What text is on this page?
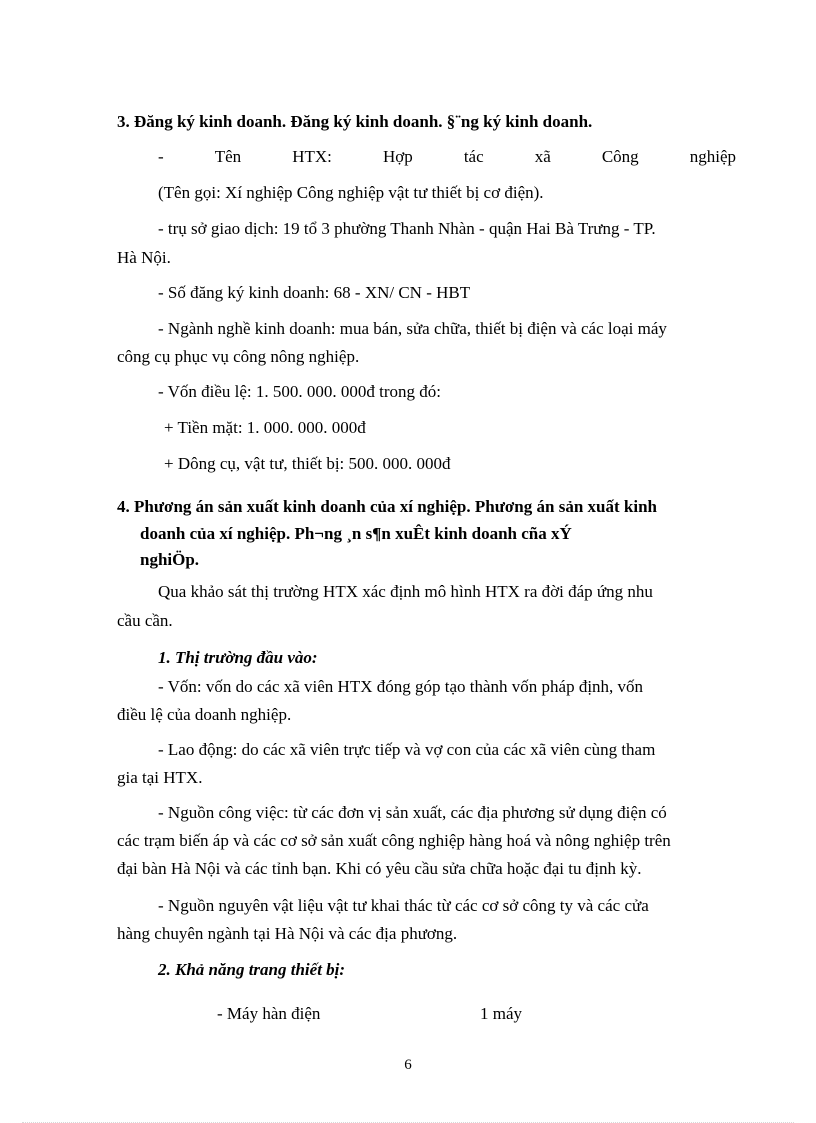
3. Đăng ký kinh doanh. Đăng ký kinh doanh. §¨ng ký kinh doanh.
-	Tên	HTX:	Hợp	tác	xã	Công	nghiệp
(Tên gọi: Xí nghiệp Công nghiệp vật tư thiết bị cơ điện).
- trụ sở giao dịch: 19 tổ 3 phường Thanh Nhàn - quận Hai Bà Trưng - TP.
Hà Nội.
- Số đăng ký kinh doanh: 68 - XN/ CN - HBT
- Ngành nghề kinh doanh: mua bán, sửa chữa, thiết bị điện và các loại máy
công cụ phục vụ công nông nghiệp.
- Vốn điều lệ: 1. 500. 000. 000đ trong đó:
+ Tiền mặt: 1. 000. 000. 000đ
+ Dông cụ, vật tư, thiết bị: 500. 000. 000đ
4. Phương án sản xuất kinh doanh của xí nghiệp. Phương án sản xuất kinh
doanh của xí nghiệp. Ph¬ng ¸n s¶n xuÊt kinh doanh cña xÝ
nghiÖp.
Qua khảo sát thị trường HTX xác định mô hình HTX ra đời đáp ứng nhu
cầu cần.
1. Thị trường đầu vào:
- Vốn: vốn do các xã viên HTX đóng góp tạo thành vốn pháp định, vốn
điều lệ của doanh nghiệp.
- Lao động: do các xã viên trực tiếp và vợ con của các xã viên cùng tham
gia tại HTX.
- Nguồn công việc: từ các đơn vị sản xuất, các địa phương sử dụng điện có
các trạm biến áp và các cơ sở sản xuất công nghiệp hàng hoá và nông nghiệp trên
đại bàn Hà Nội và các tỉnh bạn. Khi có yêu cầu sửa chữa hoặc đại tu định kỳ.
- Nguồn nguyên vật liệu vật tư khai thác từ các cơ sở công ty và các cửa
hàng chuyên ngành tại Hà Nội và các địa phương.
2. Khả năng trang thiết bị:
- Máy hàn điện	1 máy
6
